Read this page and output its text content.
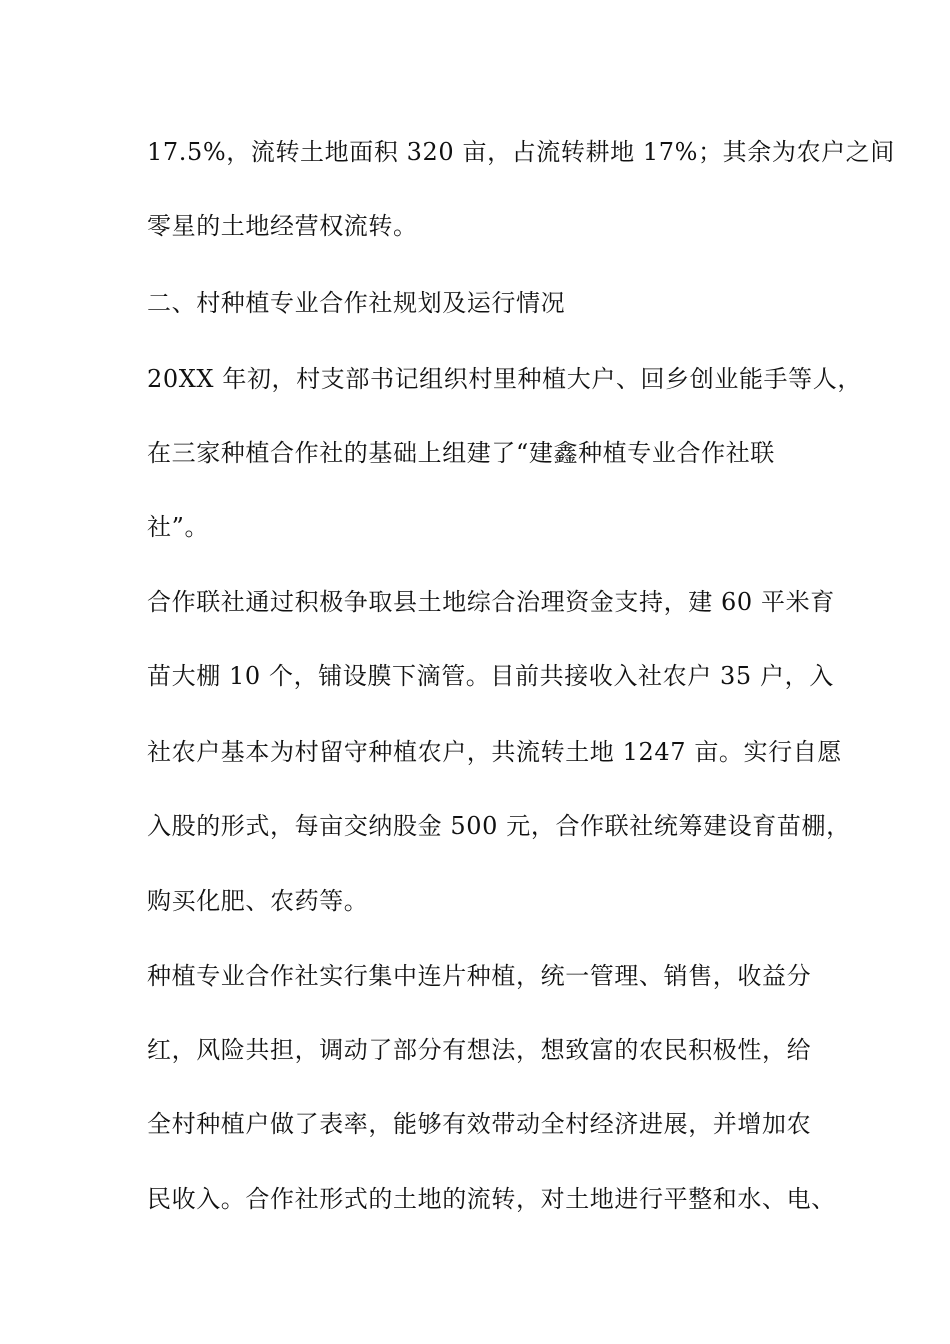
17.5%，流转土地面积 320 亩，占流转耕地 17%；其余为农户之间
零星的土地经营权流转。
二、村种植专业合作社规划及运行情况
20XX 年初，村支部书记组织村里种植大户、回乡创业能手等人，
在三家种植合作社的基础上组建了“建鑫种植专业合作社联
社”。
合作联社通过积极争取县土地综合治理资金支持，建 60 平米育
苗大棚 10 个，铺设膜下滴管。目前共接收入社农户 35 户，入
社农户基本为村留守种植农户，共流转土地 1247 亩。实行自愿
入股的形式，每亩交纳股金 500 元，合作联社统筹建设育苗棚，
购买化肥、农药等。
种植专业合作社实行集中连片种植，统一管理、销售，收益分
红，风险共担，调动了部分有想法，想致富的农民积极性，给
全村种植户做了表率，能够有效带动全村经济进展，并增加农
民收入。合作社形式的土地的流转，对土地进行平整和水、电、
